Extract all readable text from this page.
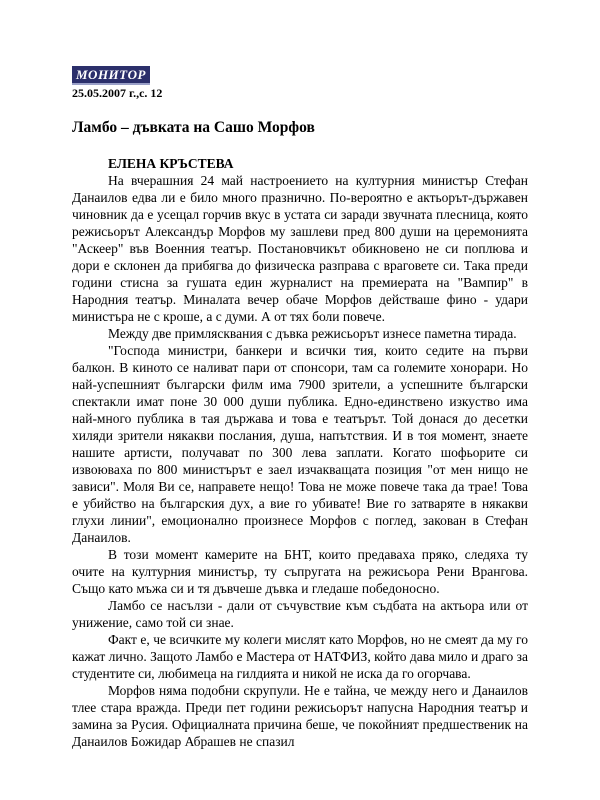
МОНИТОР
25.05.2007 г.,с. 12
Ламбо – дъвката на Сашо Морфов
ЕЛЕНА КРЪСТЕВА

На вчерашния 24 май настроението на културния министър Стефан Данаилов едва ли е било много празнично. По-вероятно е актьорът-държавен чиновник да е усещал горчив вкус в устата си заради звучната плесница, която режисьорът Александър Морфов му зашлеви пред 800 души на церемонията "Аскеер" във Военния театър. Постановчикът обикновено не си поплюва и дори е склонен да прибягва до физическа разправа с враговете си. Така преди години стисна за гушата един журналист на премиерата на "Вампир" в Народния театър. Миналата вечер обаче Морфов действаше фино - удари министъра не с кроше, а с думи. А от тях боли повече.

Между две примлясквания с дъвка режисьорът изнесе паметна тирада.

"Господа министри, банкери и всички тия, които седите на първи балкон. В киното се наливат пари от спонсори, там са големите хонорари. Но най-успешният български филм има 7900 зрители, а успешните български спектакли имат поне 30 000 души публика. Едно-единствено изкуство има най-много публика в тая държава и това е театърът. Той донася до десетки хиляди зрители някакви послания, душа, напътствия. И в тоя момент, знаете нашите артисти, получават по 300 лева заплати. Когато шофьорите си извоюваха по 800 министърът е заел изчакващата позиция "от мен нищо не зависи". Моля Ви се, направете нещо! Това не може повече така да трае! Това е убийство на българския дух, а вие го убивате! Вие го затваряте в някакви глухи линии", емоционално произнесе Морфов с поглед, закован в Стефан Данаилов.

В този момент камерите на БНТ, които предаваха пряко, следяха ту очите на културния министър, ту съпругата на режисьора Рени Врангова. Също като мъжа си и тя дъвчеше дъвка и гледаше победоносно.

Ламбо се насълзи - дали от съчувствие към съдбата на актьора или от унижение, само той си знае.

Факт е, че всичките му колеги мислят като Морфов, но не смеят да му го кажат лично. Защото Ламбо е Мастера от НАТФИЗ, който дава мило и драго за студентите си, любимеца на гилдията и никой не иска да го огорчава.

Морфов няма подобни скрупули. Не е тайна, че между него и Данаилов тлее стара вражда. Преди пет години режисьорът напусна Народния театър и замина за Русия. Официалната причина беше, че покойният предшественик на Данаилов Божидар Абрашев не спазил
